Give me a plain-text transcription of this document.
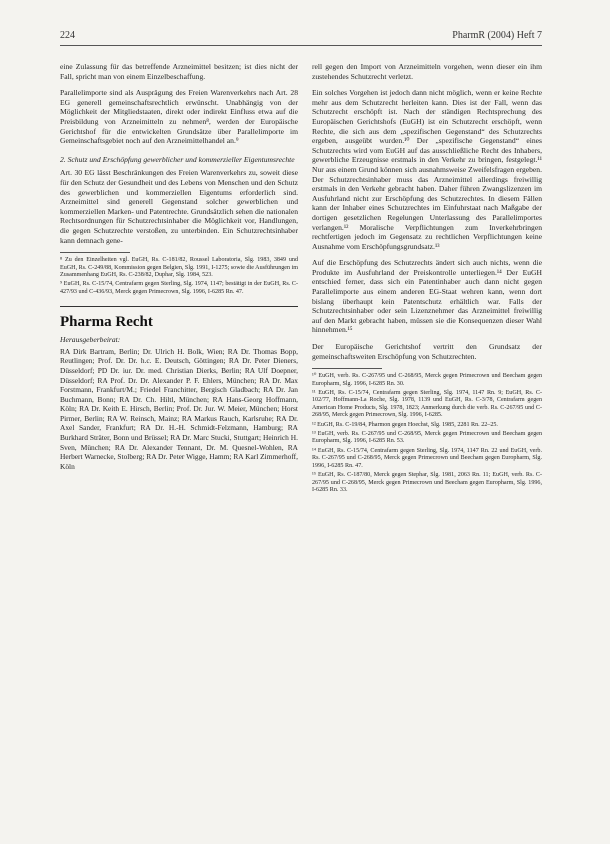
224	PharmR (2004) Heft 7

eine Zulassung für das betreffende Arzneimittel besitzen; ist dies nicht der Fall, spricht man von einem Einzelbeschaffung.

Parallelimporte sind als Ausprägung des Freien Warenverkehrs nach Art. 28 EG generell gemeinschaftsrechtlich erwünscht. Unabhängig von der Möglichkeit der Mitgliedstaaten, direkt oder indirekt Einfluss etwa auf die Preisbildung von Arzneimitteln zu nehmen⁸, werden der Europäische Gerichtshof für die entwickelten Grundsätze über Parallelimporte im Gemeinschaftsgebiet noch auf den Arzneimittelhandel an.⁹

2. Schutz und Erschöpfung gewerblicher und kommerzieller Eigentumsrechte

Art. 30 EG lässt Beschränkungen des Freien Warenverkehrs zu, soweit diese für den Schutz der Gesundheit und des Lebens von Menschen und den Schutz des gewerblichen und kommerziellen Eigentums erforderlich sind. Arzneimittel sind generell Gegenstand solcher gewerblichen und kommerziellen Marken- und Patentrechte. Grundsätzlich sehen die nationalen Rechtsordnungen für Schutzrechtsinhaber die Möglichkeit vor, Handlungen, die gegen Schutzrechte verstoßen, zu unterbinden. Ein Schutzrechtsinhaber kann demnach gene-

⁸ Zu den Einzelheiten vgl. EuGH, Rs. C-181/82, Roussel Laboratoria, Slg. 1983, 3849 und EuGH, Rs. C-249/88, Kommission gegen Belgien, Slg. 1991, I-1275; sowie die Ausführungen im Zusammenhang EuGH, Rs. C-238/82, Duphar, Slg. 1984, 523.

⁹ EuGH, Rs. C-15/74, Centrafarm gegen Sterling, Slg. 1974, 1147; bestätigt in der EuGH, Rs. C-427/93 und C-436/93, Merck gegen Primecrown, Slg. 1996, I-6285 Rn. 47.

Pharma Recht
Herausgeberbeirat:

RA Dirk Bartram, Berlin; Dr. Ulrich H. Bolk, Wien; RA Dr. Thomas Bopp, Reutlingen; Prof. Dr. Dr. h.c. E. Deutsch, Göttingen; RA Dr. Peter Dieners, Düsseldorf; PD Dr. iur. Dr. med. Christian Dierks, Berlin; RA Ulf Doepner, Düsseldorf; RA Prof. Dr. Dr. Alexander P. F. Ehlers, München; RA Dr. Max Forstmann, Frankfurt/M.; Friedel Franchitter, Bergisch Gladbach; RA Dr. Jan Buchmann, Bonn; RA Dr. Ch. Hiltl, München; RA Hans-Georg Hoffmann, Köln; RA Dr. Keith E. Hirsch, Berlin; Prof. Dr. Jur. W. Meier, München; Horst Pirmer, Berlin; RA W. Reinsch, Mainz; RA Markus Rauch, Karlsruhe; RA Dr. Axel Sander, Frankfurt; RA Dr. H.-H. Schmidt-Felzmann, Hamburg; RA Burkhard Sträter, Bonn und Brüssel; RA Dr. Marc Stucki, Stuttgart; Heinrich H. Sven, München; RA Dr. Alexander Tennant, Dr. M. Quesnel-Wohlen, RA Herbert Warnecke, Stolberg; RA Dr. Peter Wigge, Hamm; RA Karl Zimmerhoff, Köln

rell gegen den Import von Arzneimitteln vorgehen, wenn dieser ein ihm zustehendes Schutzrecht verletzt.

Ein solches Vorgehen ist jedoch dann nicht möglich, wenn er keine Rechte mehr aus dem Schutzrecht herleiten kann. Dies ist der Fall, wenn das Schutzrecht erschöpft ist. Nach der ständigen Rechtsprechung des Europäischen Gerichtshofs (EuGH) ist ein Schutzrecht erschöpft, wenn Rechte, die sich aus dem „spezifischen Gegenstand“ des Schutzrechts ergeben, ausgeübt wurden.¹⁰ Der „spezifische Gegenstand“ eines Schutzrechts wird vom EuGH auf das ausschließliche Recht des Inhabers, gewerbliche Erzeugnisse erstmals in den Verkehr zu bringen, festgelegt.¹¹ Nur aus einem Grund können sich ausnahmsweise Zweifelsfragen ergeben. Der Schutzrechtsinhaber muss das Arzneimittel allerdings freiwillig erstmals in den Verkehr gebracht haben. Daher führen Zwangslizenzen im Ausfuhrland nicht zur Erschöpfung des Schutzrechtes. In diesem Fällen kann der Inhaber eines Schutzrechtes im Einfuhrstaat nach Maßgabe der dortigen gesetzlichen Regelungen Unterlassung des Parallelimportes verlangen.¹² Moralische Verpflichtungen zum Inverkehrbringen rechtfertigen jedoch im Gegensatz zu rechtlichen Verpflichtungen keine Ausnahme vom Erschöpfungsgrundsatz.¹³

Auf die Erschöpfung des Schutzrechts ändert sich auch nichts, wenn die Produkte im Ausfuhrland der Preiskontrolle unterliegen.¹⁴ Der EuGH entschied ferner, dass sich ein Patentinhaber auch dann nicht gegen Parallelimporte aus einem anderen EG-Staat wehren kann, wenn dort bislang überhaupt kein Patentschutz erhältlich war. Falls der Schutzrechtsinhaber oder sein Lizenznehmer das Arzneimittel freiwillig auf den Markt gebracht haben, müssen sie die Konsequenzen dieser Wahl hinnehmen.¹⁵

Der Europäische Gerichtshof vertritt den Grundsatz der gemeinschaftsweiten Erschöpfung von Schutzrechten.

¹⁰ EuGH, verb. Rs. C-267/95 und C-268/95, Merck gegen Primecrown und Beecham gegen Europharm, Slg. 1996, I-6285 Rn. 30.

¹¹ EuGH, Rs. C-15/74, Centrafarm gegen Sterling, Slg. 1974, 1147 Rn. 9; EuGH, Rs. C-102/77, Hoffmann-La Roche, Slg. 1978, 1139 und EuGH, Rs. C-3/78, Centrafarm gegen American Home Products, Slg. 1978, 1823; Anmerkung durch die verb. Rs. C-267/95 und C-268/95, Merck gegen Primecrown, Slg. 1996, I-6285.

¹² EuGH, Rs. C-19/84, Pharmon gegen Hoechst, Slg. 1985, 2281 Rn. 22–25.

¹³ EuGH, verb. Rs. C-267/95 und C-268/95, Merck gegen Primecrown und Beecham gegen Europharm, Slg. 1996, I-6285 Rn. 53.

¹⁴ EuGH, Rs. C-15/74, Centrafarm gegen Sterling, Slg. 1974, 1147 Rn. 22 und EuGH, verb. Rs. C-267/95 und C-268/95, Merck gegen Primecrown und Beecham gegen Europharm, Slg. 1996, I-6285 Rn. 47.

¹⁵ EuGH, Rs. C-187/80, Merck gegen Stephar, Slg. 1981, 2063 Rn. 11; EuGH, verb. Rs. C-267/95 und C-268/95, Merck gegen Primecrown und Beecham gegen Europharm, Slg. 1996, I-6285 Rn. 33.
